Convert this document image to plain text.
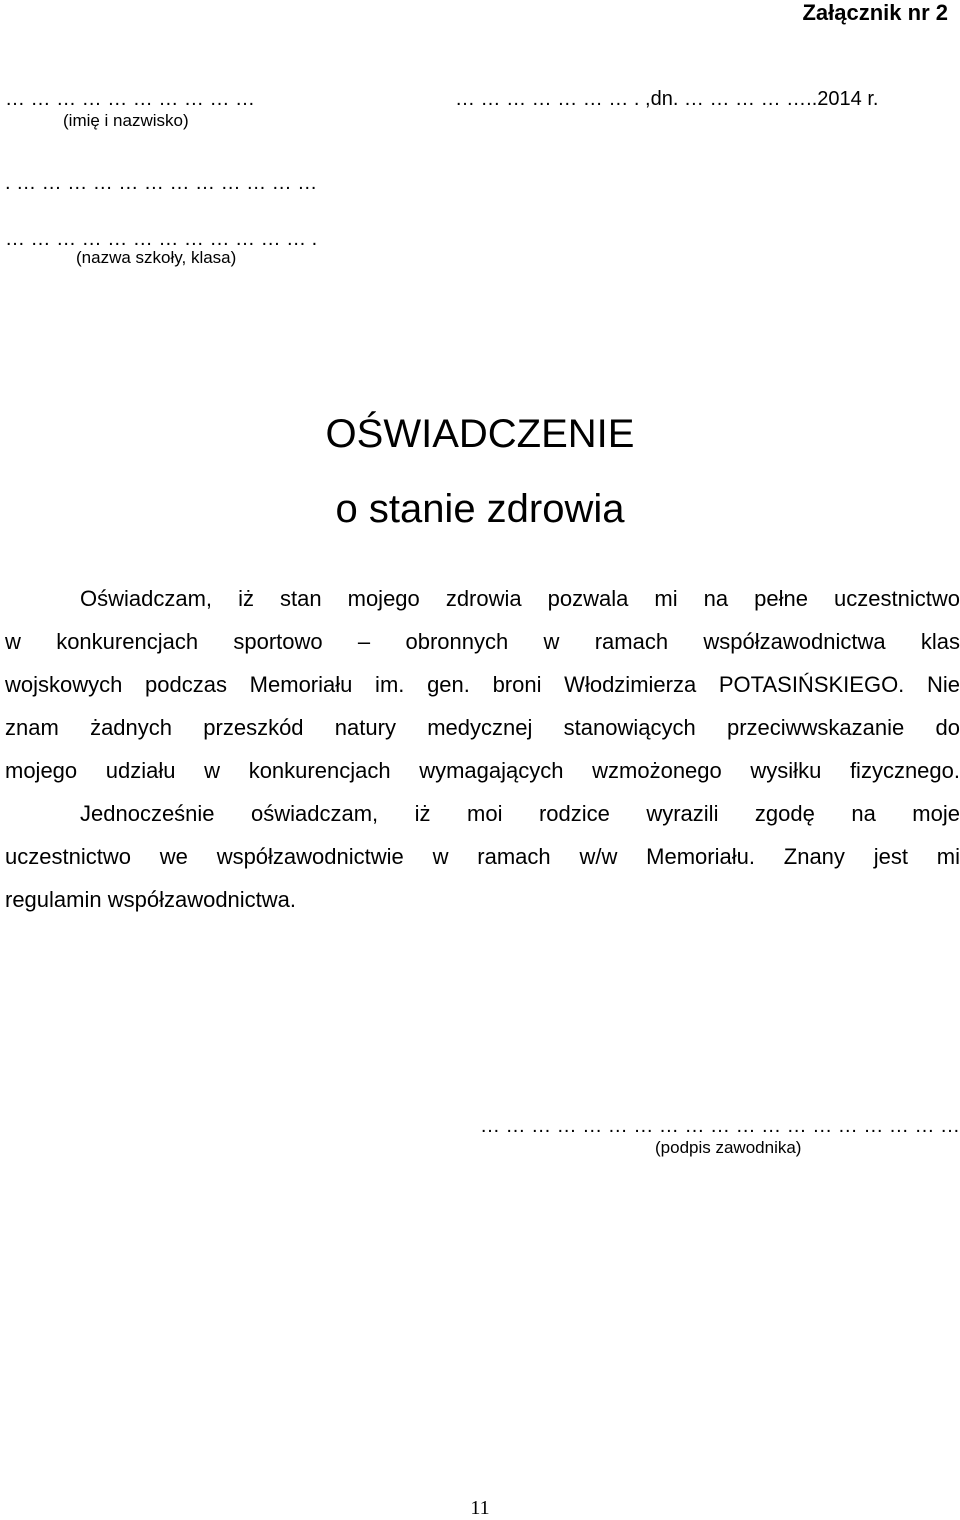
Załącznik nr 2
… … … … … … … … … …	… … … … … … … . ,dn. … … … … …..2014 r.
(imię i nazwisko)
. … … … … … … … … … … … …
… … … … … … … … … … … … .
(nazwa szkoły, klasa)
OŚWIADCZENIE
o stanie zdrowia
Oświadczam, iż stan mojego zdrowia pozwala mi na pełne uczestnictwo
w konkurencjach sportowo – obronnych w ramach współzawodnictwa klas
wojskowych podczas Memoriału im. gen. broni Włodzimierza POTASIŃSKIEGO. Nie
znam żadnych przeszkód natury medycznej stanowiących przeciwwskazanie do
mojego udziału w konkurencjach wymagających wzmożonego wysiłku fizycznego.
Jednocześnie oświadczam, iż moi rodzice wyrazili zgodę na moje
uczestnictwo we współzawodnictwie w ramach w/w Memoriału. Znany jest mi
regulamin współzawodnictwa.
… … … … … … … … … … … … … … … … … … …
(podpis zawodnika)
11
